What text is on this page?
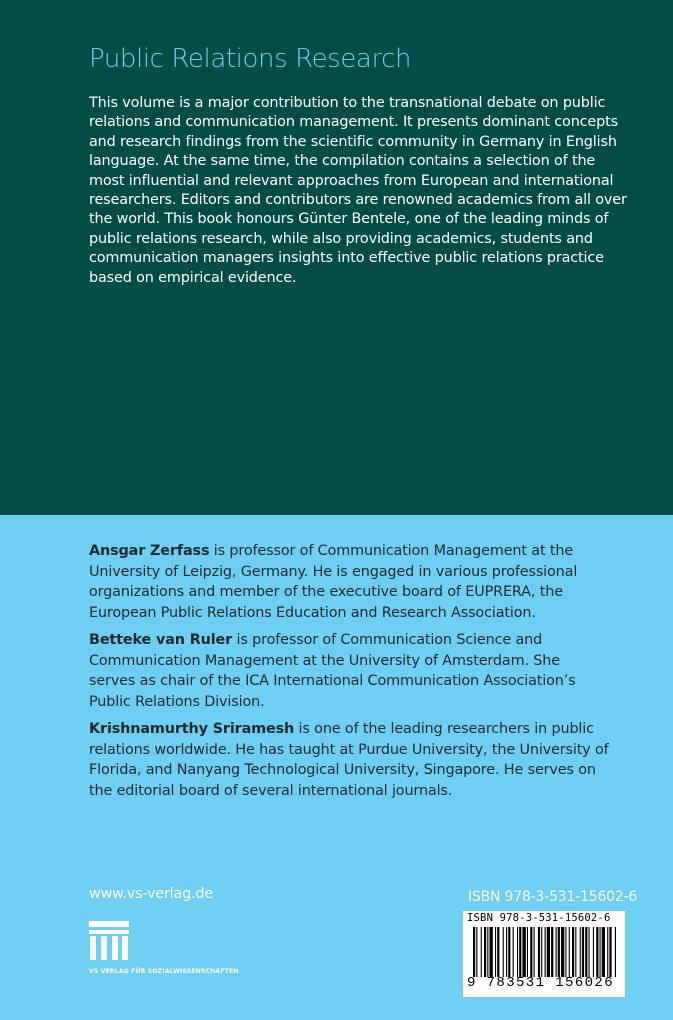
Public Relations Research

This volume is a major contribution to the transnational debate on public relations and communication management. It presents dominant concepts and research findings from the scientific community in Germany in English language. At the same time, the compilation contains a selection of the most influential and relevant approaches from European and international researchers. Editors and contributors are renowned academics from all over the world. This book honours Günter Bentele, one of the leading minds of public relations research, while also providing academics, students and communication managers insights into effective public relations practice based on empirical evidence.

Ansgar Zerfass is professor of Communication Management at the University of Leipzig, Germany. He is engaged in various professional organizations and member of the executive board of EUPRERA, the European Public Relations Education and Research Association.

Betteke van Ruler is professor of Communication Science and Communication Management at the University of Amsterdam. She serves as chair of the ICA International Communication Association’s Public Relations Division.

Krishnamurthy Sriramesh is one of the leading researchers in public relations worldwide. He has taught at Purdue University, the University of Florida, and Nanyang Technological University, Singapore. He serves on the editorial board of several international journals.

www.vs-verlag.de
VS VERLAG FÜR SOZIALWISSENSCHAFTEN
ISBN 978-3-531-15602-6
ISBN 978-3-531-15602-6
9 783531 156026
